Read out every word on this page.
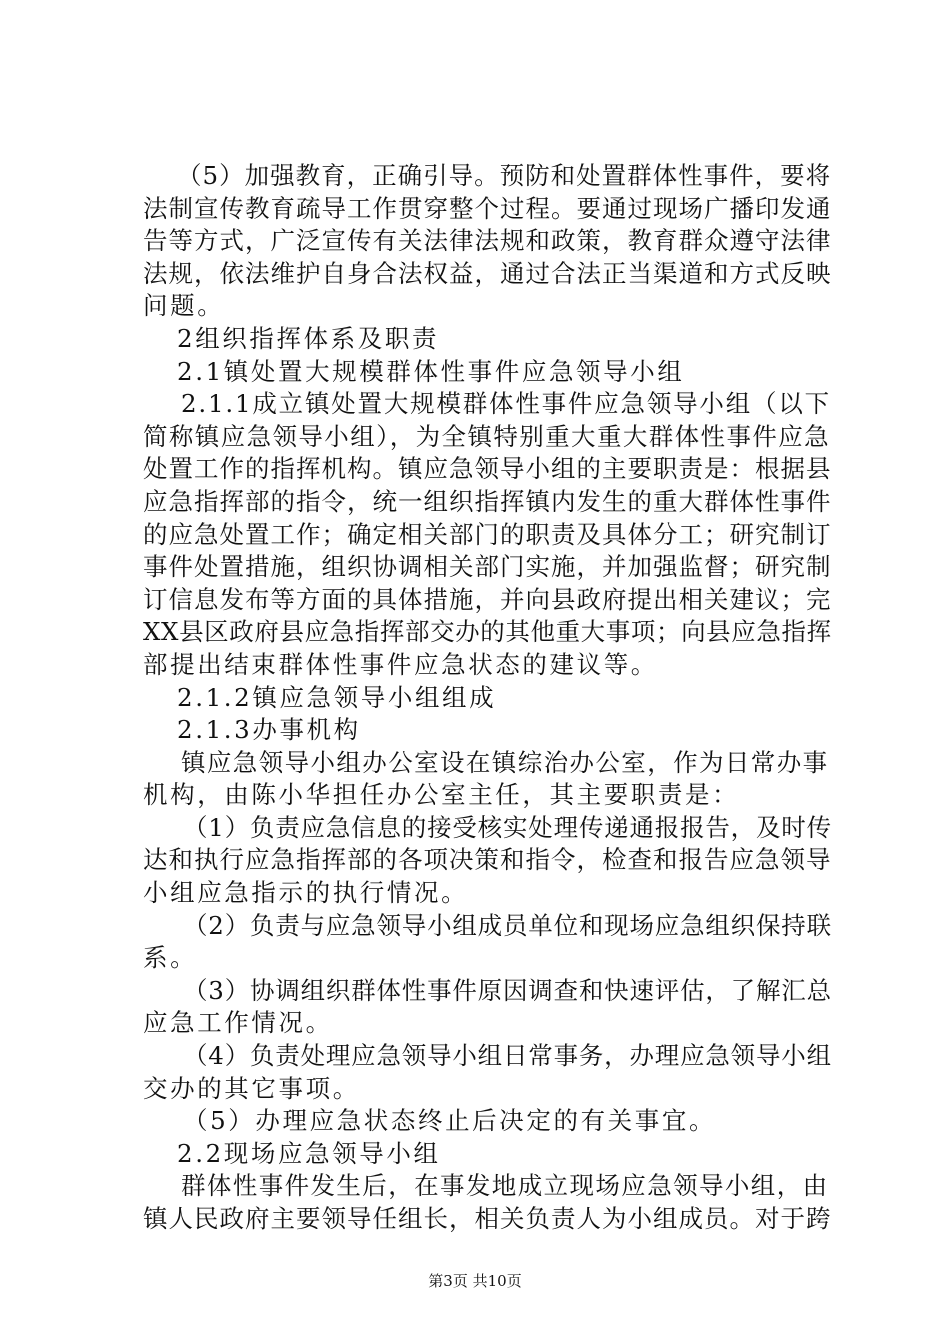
（5）加强教育，正确引导。预防和处置群体性事件，要将

法制宣传教育疏导工作贯穿整个过程。要通过现场广播印发通

告等方式，广泛宣传有关法律法规和政策，教育群众遵守法律

法规，依法维护自身合法权益，通过合法正当渠道和方式反映

问题。

2组织指挥体系及职责

2.1镇处置大规模群体性事件应急领导小组

2.1.1成立镇处置大规模群体性事件应急领导小组（以下

简称镇应急领导小组），为全镇特别重大重大群体性事件应急

处置工作的指挥机构。镇应急领导小组的主要职责是：根据县

应急指挥部的指令，统一组织指挥镇内发生的重大群体性事件

的应急处置工作；确定相关部门的职责及具体分工；研究制订

事件处置措施，组织协调相关部门实施，并加强监督；研究制

订信息发布等方面的具体措施，并向县政府提出相关建议；完

XX县区政府县应急指挥部交办的其他重大事项；向县应急指挥

部提出结束群体性事件应急状态的建议等。

2.1.2镇应急领导小组组成

2.1.3办事机构

镇应急领导小组办公室设在镇综治办公室，作为日常办事

机构，由陈小华担任办公室主任，其主要职责是：

（1）负责应急信息的接受核实处理传递通报报告，及时传

达和执行应急指挥部的各项决策和指令，检查和报告应急领导

小组应急指示的执行情况。

（2）负责与应急领导小组成员单位和现场应急组织保持联

系。

（3）协调组织群体性事件原因调查和快速评估，了解汇总

应急工作情况。

（4）负责处理应急领导小组日常事务，办理应急领导小组

交办的其它事项。

（5）办理应急状态终止后决定的有关事宜。

2.2现场应急领导小组

群体性事件发生后，在事发地成立现场应急领导小组，由

镇人民政府主要领导任组长，相关负责人为小组成员。对于跨

第3页 共10页
